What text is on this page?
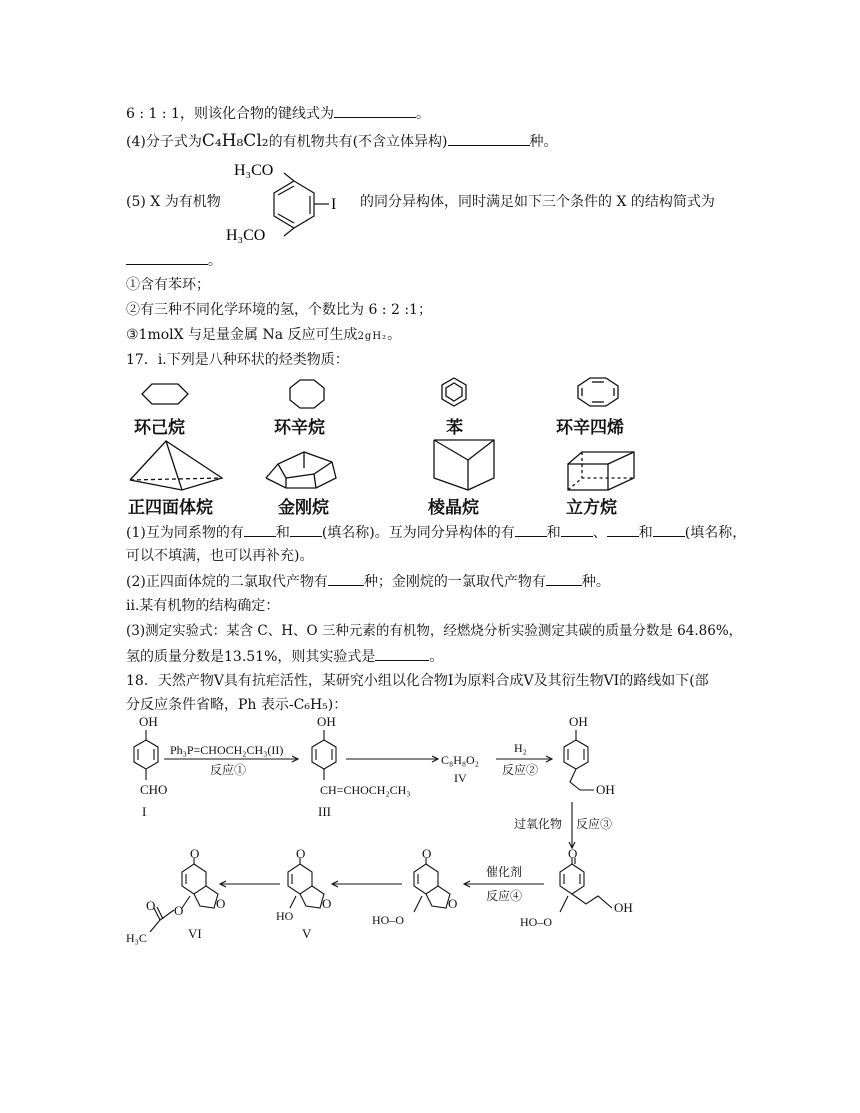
6 : 1 : 1，则该化合物的键线式为	。
(4)分子式为C₄H₈Cl₂的有机物共有(不含立体异构)	种。
(5) X 为有机物
H₃CO
I
H₃CO
的同分异构体，同时满足如下三个条件的 X 的结构简式为
。
①含有苯环；
②有三种不同化学环境的氢，个数比为 6 : 2 :1；
③1molX 与足量金属 Na 反应可生成2gH₂。
17．i.下列是八种环状的烃类物质：
环己烷	环辛烷	苯	环辛四烯
正四面体烷	金刚烷	棱晶烷	立方烷
(1)互为同系物的有 和 (填名称)。互为同分异构体的有 和 、 和 (填名称，
可以不填满，也可以再补充)。
(2)正四面体烷的二氯取代产物有	种；金刚烷的一氯取代产物有	种。
ii.某有机物的结构确定：
(3)测定实验式：某含 C、H、O 三种元素的有机物，经燃烧分析实验测定其碳的质量分数是 64.86%，
氢的质量分数是13.51%，则其实验式是	。
18．天然产物V具有抗疟活性，某研究小组以化合物I为原料合成V及其衍生物VI的路线如下(部
分反应条件省略，Ph 表示-C₆H₅)：
OH
CHO
I
Ph₃P=CHOCH₂CH₃(II)
反应①
OH
CH=CHOCH₂CH₃
III
C₈H₈O₂
IV
H₂
反应②
OH
OH
过氧化物 反应③
O
OH
HO–O
催化剂
反应④
O
O
HO–O
O
O
HO
V
O
O
O
O
H₃C	VI
